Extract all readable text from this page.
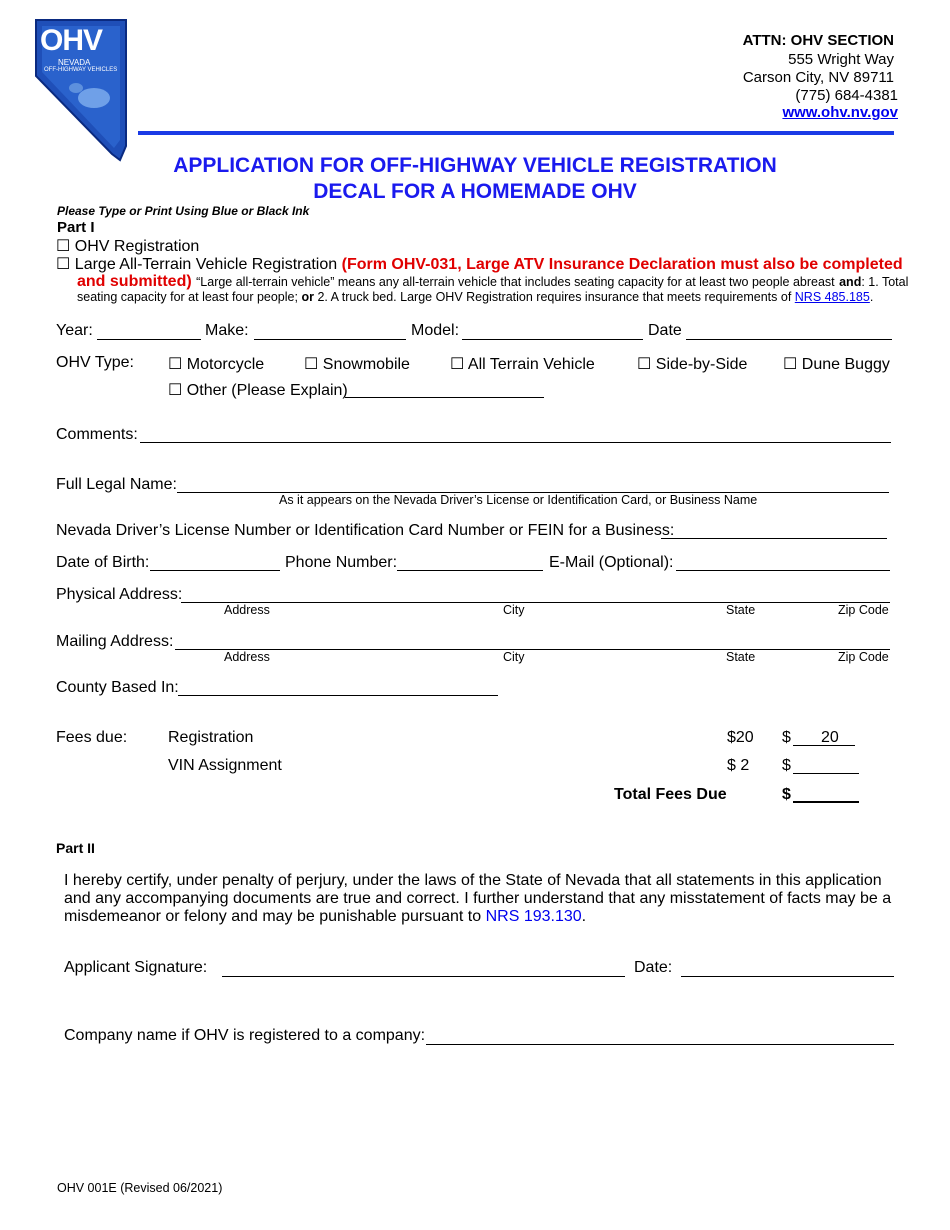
OHV
NEVADA
OFF-HIGHWAY VEHICLES
ATTN: OHV SECTION
555 Wright Way
Carson City, NV 89711
(775) 684-4381
www.ohv.nv.gov
APPLICATION FOR OFF-HIGHWAY VEHICLE REGISTRATION
DECAL FOR A HOMEMADE OHV
Please Type or Print Using Blue or Black Ink
Part I
☐ OHV Registration
☐ Large All-Terrain Vehicle Registration (Form OHV-031, Large ATV Insurance Declaration must also be completed
and submitted) “Large all-terrain vehicle” means any all-terrain vehicle that includes seating capacity for at least two people abreast and: 1. Total
seating capacity for at least four people; or 2. A truck bed. Large OHV Registration requires insurance that meets requirements of NRS 485.185.
Year:	Make:	Model:	Date
OHV Type: ☐ Motorcycle ☐ Snowmobile	☐ All Terrain Vehicle	☐ Side-by-Side ☐ Dune Buggy
☐ Other (Please Explain)
Comments:
Full Legal Name:
As it appears on the Nevada Driver’s License or Identification Card, or Business Name
Nevada Driver’s License Number or Identification Card Number or FEIN for a Business:
Date of Birth:	Phone Number:	E-Mail (Optional):
Physical Address:
Address	City	State	Zip Code
Mailing Address:
Address	City	State	Zip Code
County Based In:
Fees due:	Registration	$20 $ 20
VIN Assignment	$ 2 $
Total Fees Due	$
Part II
I hereby certify, under penalty of perjury, under the laws of the State of Nevada that all statements in this application
and any accompanying documents are true and correct. I further understand that any misstatement of facts may be a
misdemeanor or felony and may be punishable pursuant to NRS 193.130.
Applicant Signature:	Date:
Company name if OHV is registered to a company:
OHV 001E (Revised 06/2021)
